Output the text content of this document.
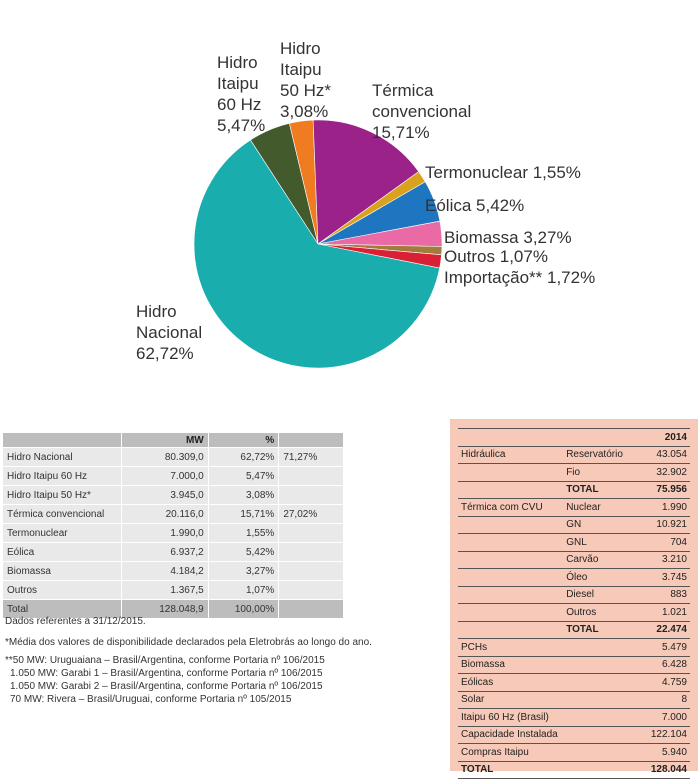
Hidro Nacional 62,72%
Hidro Itaipu 60 Hz 5,47%
Hidro Itaipu 50 Hz* 3,08%
Térmica convencional 15,71%
Termonuclear 1,55%
Eólica 5,42%
Biomassa 3,27%
Outros 1,07%
Importação** 1,72%
	MW	%	
Hidro Nacional	80.309,0	62,72%	71,27%
Hidro Itaipu 60 Hz	7.000,0	5,47%	
Hidro Itaipu 50 Hz*	3.945,0	3,08%	
Térmica convencional	20.116,0	15,71%	27,02%
Termonuclear	1.990,0	1,55%	
Eólica	6.937,2	5,42%	
Biomassa	4.184,2	3,27%	
Outros	1.367,5	1,07%	
Total	128.048,9	100,00%	
Dados referentes a 31/12/2015.
*Média dos valores de disponibilidade declarados pela Eletrobrás ao longo do ano.
**50 MW: Uruguaiana – Brasil/Argentina, conforme Portaria nº 106/2015
1.050 MW: Garabi 1 – Brasil/Argentina, conforme Portaria nº 106/2015
1.050 MW: Garabi 2 – Brasil/Argentina, conforme Portaria nº 106/2015
70 MW: Rivera – Brasil/Uruguai, conforme Portaria nº 105/2015
		2014
Hidráulica	Reservatório	43.054
	Fio	32.902
	TOTAL	75.956
Térmica com CVU	Nuclear	1.990
	GN	10.921
	GNL	704
	Carvão	3.210
	Óleo	3.745
	Diesel	883
	Outros	1.021
	TOTAL	22.474
PCHs		5.479
Biomassa		6.428
Eólicas		4.759
Solar		8
Itaipu 60 Hz (Brasil)		7.000
Capacidade Instalada		122.104
Compras Itaipu		5.940
TOTAL		128.044
